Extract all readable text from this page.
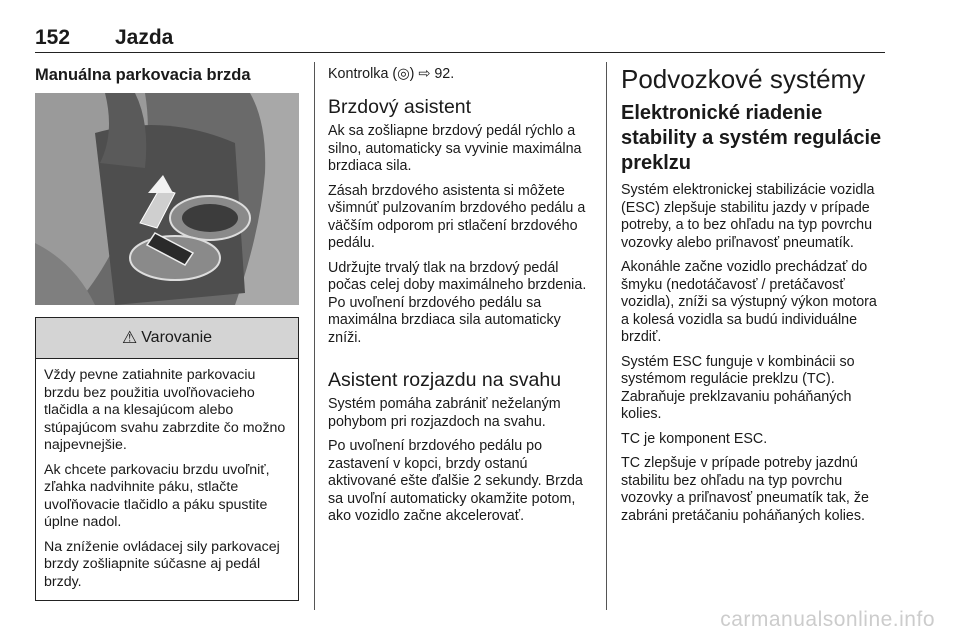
152 Jazda
Manuálna parkovacia brzda
⚠ Varovanie

Vždy pevne zatiahnite parkovaciu brzdu bez použitia uvoľňovacieho tlačidla a na klesajúcom alebo stúpajúcom svahu zabrzdite čo možno najpevnejšie.

Ak chcete parkovaciu brzdu uvoľniť, zľahka nadvihnite páku, stlačte uvoľňovacie tlačidlo a páku spustite úplne nadol.

Na zníženie ovládacej sily parkovacej brzdy zošliapnite súčasne aj pedál brzdy.

Kontrolka (◎) ⇨ 92.
Brzdový asistent

Ak sa zošliapne brzdový pedál rýchlo a silno, automaticky sa vyvinie maximálna brzdiaca sila.

Zásah brzdového asistenta si môžete všimnúť pulzovaním brzdového pedálu a väčším odporom pri stlačení brzdového pedálu.

Udržujte trvalý tlak na brzdový pedál počas celej doby maximálneho brzdenia. Po uvoľnení brzdového pedálu sa maximálna brzdiaca sila automaticky zníži.

Asistent rozjazdu na svahu

Systém pomáha zabrániť neželaným pohybom pri rozjazdoch na svahu.

Po uvoľnení brzdového pedálu po zastavení v kopci, brzdy ostanú aktivované ešte ďalšie 2 sekundy. Brzda sa uvoľní automaticky okamžite potom, ako vozidlo začne akcelerovať.

Podvozkové systémy
Elektronické riadenie stability a systém regulácie preklzu

Systém elektronickej stabilizácie vozidla (ESC) zlepšuje stabilitu jazdy v prípade potreby, a to bez ohľadu na typ povrchu vozovky alebo priľnavosť pneumatík.

Akonáhle začne vozidlo prechádzať do šmyku (nedotáčavosť / pretáčavosť vozidla), zníži sa výstupný výkon motora a kolesá vozidla sa budú individuálne brzdiť.

Systém ESC funguje v kombinácii so systémom regulácie preklzu (TC). Zabraňuje preklzavaniu poháňaných kolies.

TC je komponent ESC.

TC zlepšuje v prípade potreby jazdnú stabilitu bez ohľadu na typ povrchu vozovky a priľnavosť pneumatík tak, že zabráni pretáčaniu poháňaných kolies.

carmanualsonline.info
